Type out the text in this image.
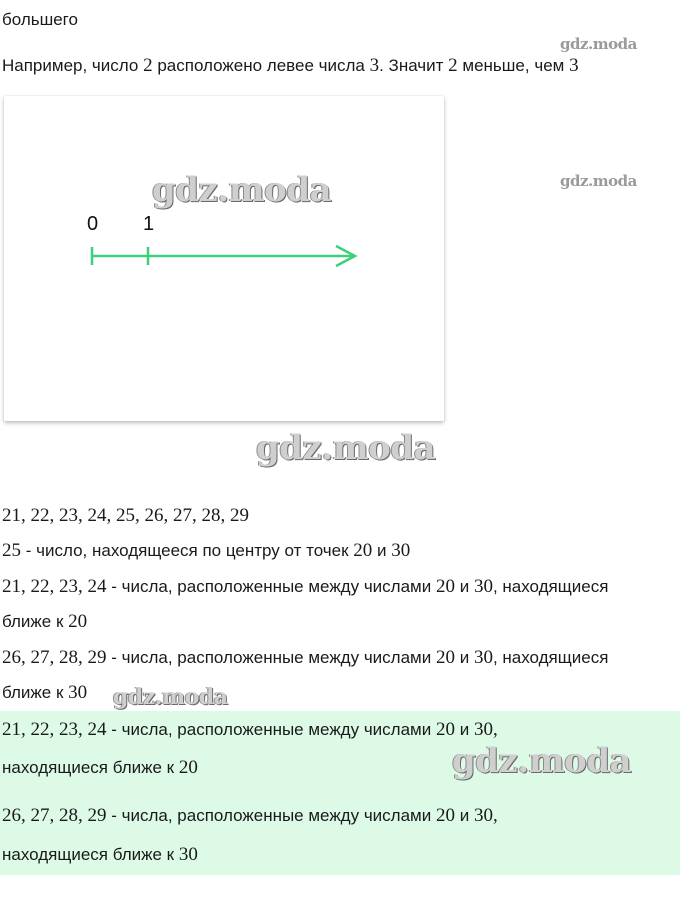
большего
Например, число 2 расположено левее числа 3. Значит 2 меньше, чем 3
0 1
gdz.moda
gdz.moda
gdz.moda
gdz.moda
21, 22, 23, 24, 25, 26, 27, 28, 29
25 - число, находящееся по центру от точек 20 и 30
21, 22, 23, 24 - числа, расположенные между числами 20 и 30, находящиеся
ближе к 20
26, 27, 28, 29 - числа, расположенные между числами 20 и 30, находящиеся
ближе к 30 gdz.moda
21, 22, 23, 24 - числа, расположенные между числами 20 и 30,
находящиеся ближе к 20	gdz.moda
26, 27, 28, 29 - числа, расположенные между числами 20 и 30,
находящиеся ближе к 30
